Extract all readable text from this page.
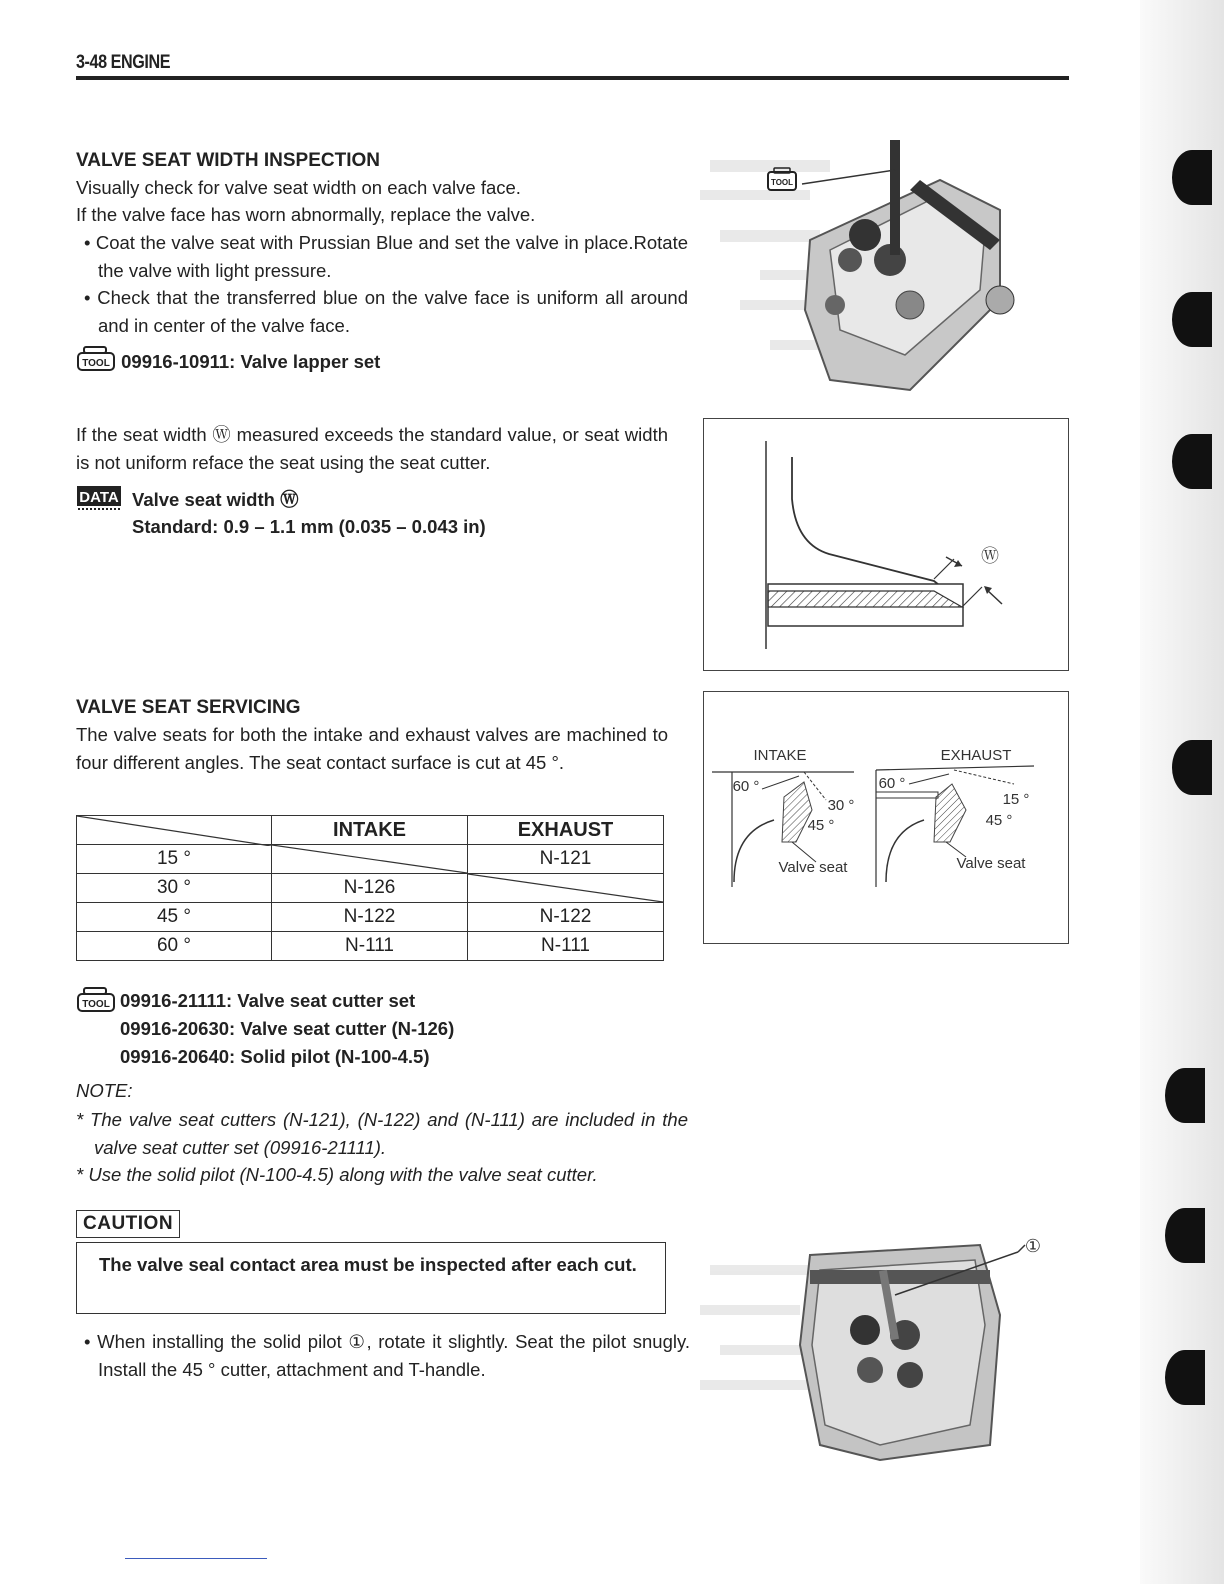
3-48 ENGINE
VALVE SEAT WIDTH INSPECTION
Visually check for valve seat width on each valve face.
If the valve face has worn abnormally, replace the valve.
• Coat the valve seat with Prussian Blue and set the valve in place.Rotate the valve with light pressure.
• Check that the transferred blue on the valve face is uniform all around and in center of the valve face.
TOOL 09916-10911: Valve lapper set
If the seat width Ⓦ measured exceeds the standard value, or seat width is not uniform reface the seat using the seat cutter.
DATA Valve seat width Ⓦ
Standard: 0.9 – 1.1 mm (0.035 – 0.043 in)
TOOL
Ⓦ
VALVE SEAT SERVICING
The valve seats for both the intake and exhaust valves are machined to four different angles. The seat contact surface is cut at 45 °.
	INTAKE	EXHAUST
15 °		N-121
30 °	N-126	

45 °	N-122	N-122
60 °	N-111	N-111
TOOL 09916-21111: Valve seat cutter set
09916-20630: Valve seat cutter (N-126)
09916-20640: Solid pilot (N-100-4.5)
NOTE:
* The valve seat cutters (N-121), (N-122) and (N-111) are included in the valve seat cutter set (09916-21111).
* Use the solid pilot (N-100-4.5) along with the valve seat cutter.
CAUTION
The valve seal contact area must be inspected after each cut.
• When installing the solid pilot ①, rotate it slightly. Seat the pilot snugly. Install the 45 ° cutter, attachment and T-handle.
INTAKE	EXHAUST
60 °
30 °
45 °
Valve seat
60 °
15 °
45 °
Valve seat
①
